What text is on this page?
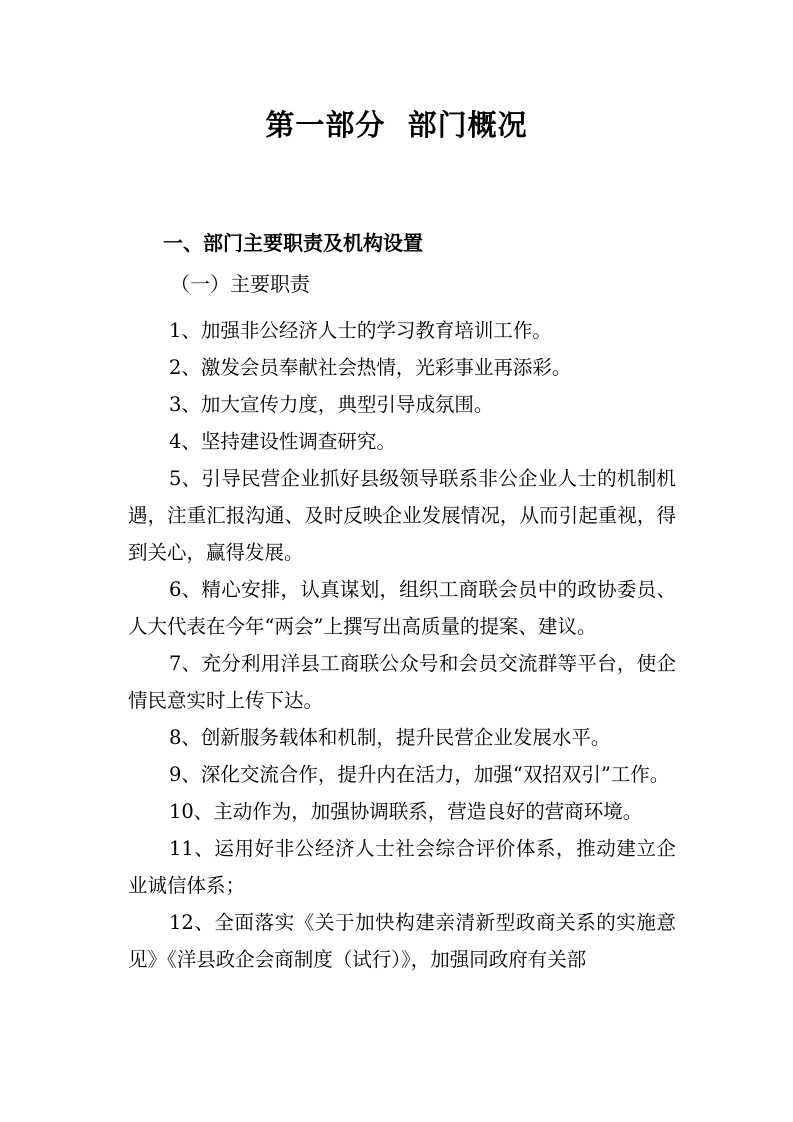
第一部分  部门概况
一、部门主要职责及机构设置
（一）主要职责

1、加强非公经济人士的学习教育培训工作。

2、激发会员奉献社会热情，光彩事业再添彩。

3、加大宣传力度，典型引导成氛围。

4、坚持建设性调查研究。

5、引导民营企业抓好县级领导联系非公企业人士的机制机遇，注重汇报沟通、及时反映企业发展情况，从而引起重视，得到关心，赢得发展。

6、精心安排，认真谋划，组织工商联会员中的政协委员、人大代表在今年“两会”上撰写出高质量的提案、建议。

7、充分利用洋县工商联公众号和会员交流群等平台，使企情民意实时上传下达。

8、创新服务载体和机制，提升民营企业发展水平。

9、深化交流合作，提升内在活力，加强“双招双引”工作。

10、主动作为，加强协调联系，营造良好的营商环境。

11、运用好非公经济人士社会综合评价体系，推动建立企业诚信体系；

12、全面落实《关于加快构建亲清新型政商关系的实施意见》《洋县政企会商制度（试行）》，加强同政府有关部
